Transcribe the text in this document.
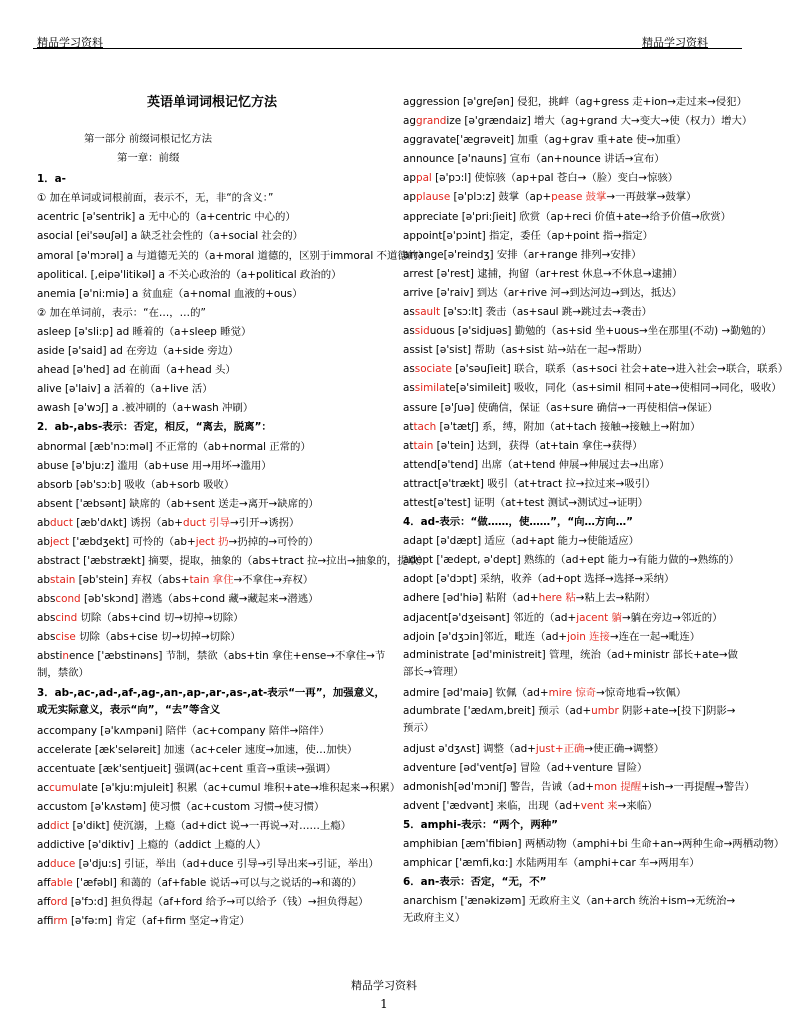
精品学习资料	精品学习资料

英语单词词根记忆方法

第一部分 前缀词根记忆方法

第一章：前缀

1．a-

① 加在单词或词根前面，表示不，无，非“的含义：”

acentric [ə'sentrik] a 无中心的（a+centric 中心的）

asocial [ei'səuʃəl] a 缺乏社会性的（a+social 社会的）

amoral [ə'mɔrəl] a 与道德无关的（a+moral 道德的，区别于immoral 不道德的）

apolitical. [,eipə'litikəl] a 不关心政治的（a+political 政治的）

anemia [ə'ni:miə] a 贫血症（a+nomal 血液的+ous）

② 加在单词前，表示：“在…，…的”

asleep [ə'sli:p] ad 睡着的（a+sleep 睡觉）

aside [ə'said] ad 在旁边（a+side 旁边）

ahead [ə'hed] ad 在前面（a+head 头）

alive [ə'laiv] a 活着的（a+live 活）

awash [ə'wɔʃ] a .被冲刷的（a+wash 冲刷）

2．ab-,abs-表示：否定，相反，“离去，脱离”：

abnormal [æb'nɔ:məl] 不正常的（ab+normal 正常的）

abuse [ə'bju:z] 滥用（ab+use 用→用坏→滥用）

absorb [əb'sɔ:b] 吸收（ab+sorb 吸收）

absent ['æbsənt] 缺席的（ab+sent 送走→离开→缺席的）

abduct [æb'dʌkt] 诱拐（ab+duct 引导→引开→诱拐）

abject ['æbdʒekt] 可怜的（ab+ject 扔→扔掉的→可怜的）

abstract ['æbstrækt] 摘要，提取，抽象的（abs+tract 拉→拉出→抽象的，提取）

abstain [əb'stein] 弃权（abs+tain 拿住→不拿住→弃权）

abscond [əb'skɔnd] 潜逃（abs+cond 藏→藏起来→潜逃）

abscind 切除（abs+cind 切→切掉→切除）

abscise 切除（abs+cise 切→切掉→切除）

abstinence ['æbstinəns] 节制，禁欲（abs+tin 拿住+ense→不拿住→节制，禁欲）

3．ab-,ac-,ad-,af-,ag-,an-,ap-,ar-,as-,at-表示“一再”，加强意义，或无实际意义，表示“向”，“去”等含义

accompany [ə'kʌmpəni] 陪伴（ac+company 陪伴→陪伴）

accelerate [æk'seləreit] 加速（ac+celer 速度→加速，使…加快）

accentuate [æk'sentjueit] 强调(ac+cent 重音→重读→强调）

accumulate [ə'kju:mjuleit] 积累（ac+cumul 堆积+ate→堆积起来→积累）

accustom [ə'kʌstəm] 使习惯（ac+custom 习惯→使习惯）

addict [ə'dikt] 使沉溺，上瘾（ad+dict 说→一再说→对……上瘾）

addictive [ə'diktiv] 上瘾的（addict 上瘾的人）

adduce [ə'dju:s] 引证，举出（ad+duce 引导→引导出来→引证，举出）

affable ['æfəbl] 和蔼的（af+fable 说话→可以与之说话的→和蔼的）

afford [ə'fɔ:d] 担负得起（af+ford 给予→可以给予（钱）→担负得起）

affirm [ə'fə:m] 肯定（af+firm 坚定→肯定）

aggression [ə'greʃən] 侵犯，挑衅（ag+gress 走+ion→走过来→侵犯）

aggrandize [ə'grændaiz] 增大（ag+grand 大→变大→使（权力）增大）

aggravate['ægrəveit] 加重（ag+grav 重+ate 使→加重）

announce [ə'nauns] 宣布（an+nounce 讲话→宣布）

appal [ə'pɔ:l] 使惊骇（ap+pal 苍白→（脸）变白→惊骇）

applause [ə'plɔ:z] 鼓掌（ap+pease 鼓掌→一再鼓掌→鼓掌）

appreciate [ə'pri:ʃieit] 欣赏（ap+reci 价值+ate→给予价值→欣赏）

appoint[ə'pɔint] 指定，委任（ap+point 指→指定）

arrange[ə'reindʒ] 安排（ar+range 排列→安排）

arrest [ə'rest] 逮捕，拘留（ar+rest 休息→不休息→逮捕）

arrive [ə'raiv] 到达（ar+rive 河→到达河边→到达，抵达）

assault [ə'sɔ:lt] 袭击（as+saul 跳→跳过去→袭击）

assiduous [ə'sidjuəs] 勤勉的（as+sid 坐+uous→坐在那里(不动) →勤勉的）

assist [ə'sist] 帮助（as+sist 站→站在一起→帮助）

associate [ə'səuʃieit] 联合，联系（as+soci 社会+ate→进入社会→联合，联系）

assimilate[ə'simileit] 吸收，同化（as+simil 相同+ate→使相同→同化，吸收）

assure [ə'ʃuə] 使确信，保证（as+sure 确信→一再使相信→保证）

attach [ə'tætʃ] 系，缚，附加（at+tach 接触→接触上→附加）

attain [ə'tein] 达到，获得（at+tain 拿住→获得）

attend[ə'tend] 出席（at+tend 伸展→伸展过去→出席）

attract[ə'trækt] 吸引（at+tract 拉→拉过来→吸引）

attest[ə'test] 证明（at+test 测试→测试过→证明）

4．ad-表示：“做……，使……”，“向…方向…”

adapt [ə'dæpt] 适应（ad+apt 能力→使能适应）

adept ['ædept, ə'dept] 熟练的（ad+ept 能力→有能力做的→熟练的）

adopt [ə'dɔpt] 采纳，收养（ad+opt 选择→选择→采纳）

adhere [əd'hiə] 粘附（ad+here 粘→粘上去→粘附）

adjacent[ə'dʒeisənt] 邻近的（ad+jacent 躺→躺在旁边→邻近的）

adjoin [ə'dʒɔin]邻近，毗连（ad+join 连接→连在一起→毗连）

administrate [əd'ministreit] 管理，统治（ad+ministr 部长+ate→做部长→管理）

admire [əd'maiə] 钦佩（ad+mire 惊奇→惊奇地看→钦佩）

adumbrate ['ædʌm,breit] 预示（ad+umbr 阴影+ate→[投下]阴影→预示）

adjust ə'dʒʌst] 调整（ad+just+正确→使正确→调整）

adventure [əd'ventʃə] 冒险（ad+venture 冒险）

admonish[əd'mɔniʃ] 警告，告诫（ad+mon 提醒+ish→一再提醒→警告）

advent ['ædvənt] 来临，出现（ad+vent 来→来临）

5．amphi-表示：“两个，两种”

amphibian [æm'fibiən] 两栖动物（amphi+bi 生命+an→两种生命→两栖动物）

amphicar ['æmfi,kɑ:] 水陆两用车（amphi+car 车→两用车）

6．an-表示：否定，“无，不”

anarchism ['ænəkizəm] 无政府主义（an+arch 统治+ism→无统治→无政府主义）

精品学习资料
1
